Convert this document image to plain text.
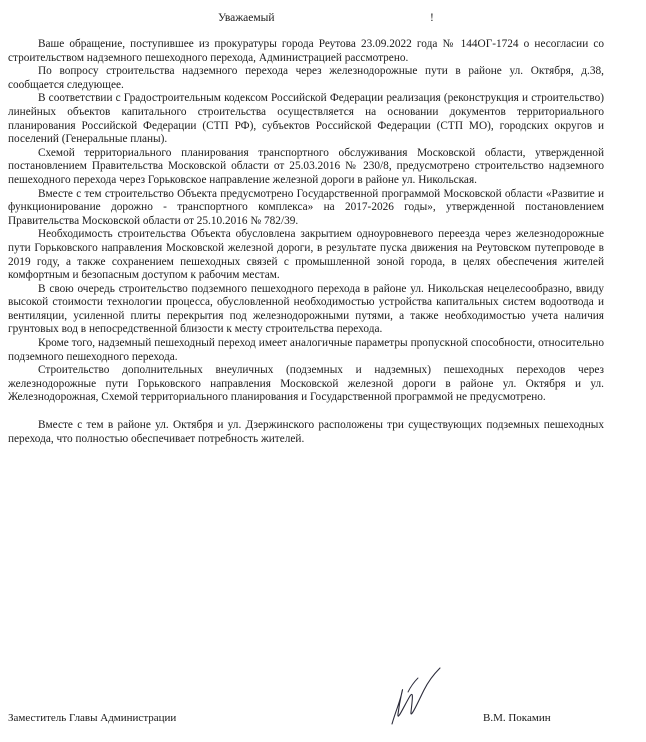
Уважаемый

	!

Ваше обращение, поступившее из прокуратуры города Реутова 23.09.2022 года № 144ОГ-1724 о несогласии со строительством надземного пешеходного перехода, Администрацией рассмотрено.

По вопросу строительства надземного перехода через железнодорожные пути в районе ул. Октября, д.38, сообщается следующее.

В соответствии с Градостроительным кодексом Российской Федерации реализация (реконструкция и строительство) линейных объектов капитального строительства осуществляется на основании документов территориального планирования Российской Федерации (СТП РФ), субъектов Российской Федерации (СТП МО), городских округов и поселений (Генеральные планы).

Схемой территориального планирования транспортного обслуживания Московской области, утвержденной постановлением Правительства Московской области от 25.03.2016 № 230/8, предусмотрено строительство надземного пешеходного перехода через Горьковское направление железной дороги в районе ул. Никольская.

Вместе с тем строительство Объекта предусмотрено Государственной программой Московской области «Развитие и функционирование дорожно - транспортного комплекса» на 2017-2026 годы», утвержденной постановлением Правительства Московской области от 25.10.2016 № 782/39.

Необходимость строительства Объекта обусловлена закрытием одноуровневого переезда через железнодорожные пути Горьковского направления Московской железной дороги, в результате пуска движения на Реутовском путепроводе в 2019 году, а также сохранением пешеходных связей с промышленной зоной города, в целях обеспечения жителей комфортным и безопасным доступом к рабочим местам.

В свою очередь строительство подземного пешеходного перехода в районе ул. Никольская нецелесообразно, ввиду высокой стоимости технологии процесса, обусловленной необходимостью устройства капитальных систем водоотвода и вентиляции, усиленной плиты перекрытия под железнодорожными путями, а также необходимостью учета наличия грунтовых вод в непосредственной близости к месту строительства перехода.

Кроме того, надземный пешеходный переход имеет аналогичные параметры пропускной способности, относительно подземного пешеходного перехода.

Строительство дополнительных внеуличных (подземных и надземных) пешеходных переходов через железнодорожные пути Горьковского направления Московской железной дороги в районе ул. Октября и ул. Железнодорожная, Схемой территориального планирования и Государственной программой не предусмотрено.

Вместе с тем в районе ул. Октября и ул. Дзержинского расположены три существующих подземных пешеходных перехода, что полностью обеспечивает потребность жителей.

Заместитель Главы Администрации	В.М. Покамин
